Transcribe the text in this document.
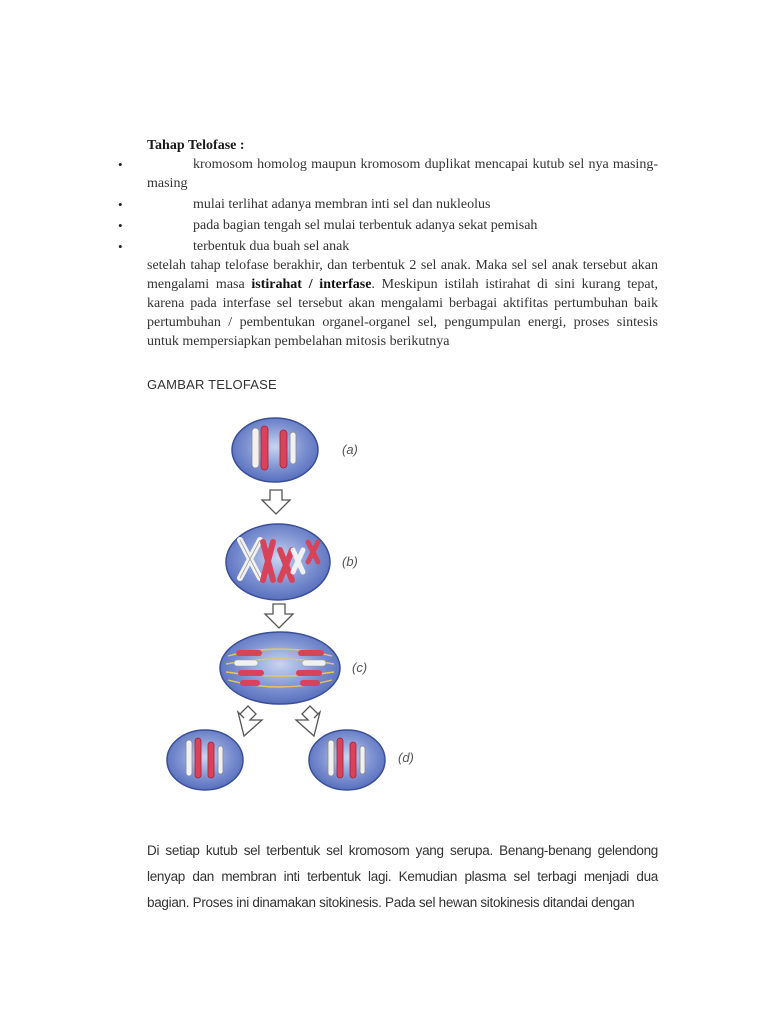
Tahap Telofase :
•	kromosom homolog maupun kromosom duplikat mencapai kutub sel nya masing-masing
•	mulai terlihat adanya membran inti sel dan nukleolus
•	pada bagian tengah sel mulai terbentuk adanya sekat pemisah
•	terbentuk dua buah sel anak

setelah tahap telofase berakhir, dan terbentuk 2 sel anak. Maka sel sel anak tersebut akan mengalami masa istirahat / interfase. Meskipun istilah istirahat di sini kurang tepat, karena pada interfase sel tersebut akan mengalami berbagai aktifitas pertumbuhan baik pertumbuhan / pembentukan organel-organel sel, pengumpulan energi, proses sintesis untuk mempersiapkan pembelahan mitosis berikutnya

GAMBAR TELOFASE
(a)
(b)
(c)
(d)

Di setiap kutub sel terbentuk sel kromosom yang serupa. Benang-benang gelendong lenyap dan membran inti terbentuk lagi. Kemudian plasma sel terbagi menjadi dua bagian. Proses ini dinamakan sitokinesis. Pada sel hewan sitokinesis ditandai dengan
